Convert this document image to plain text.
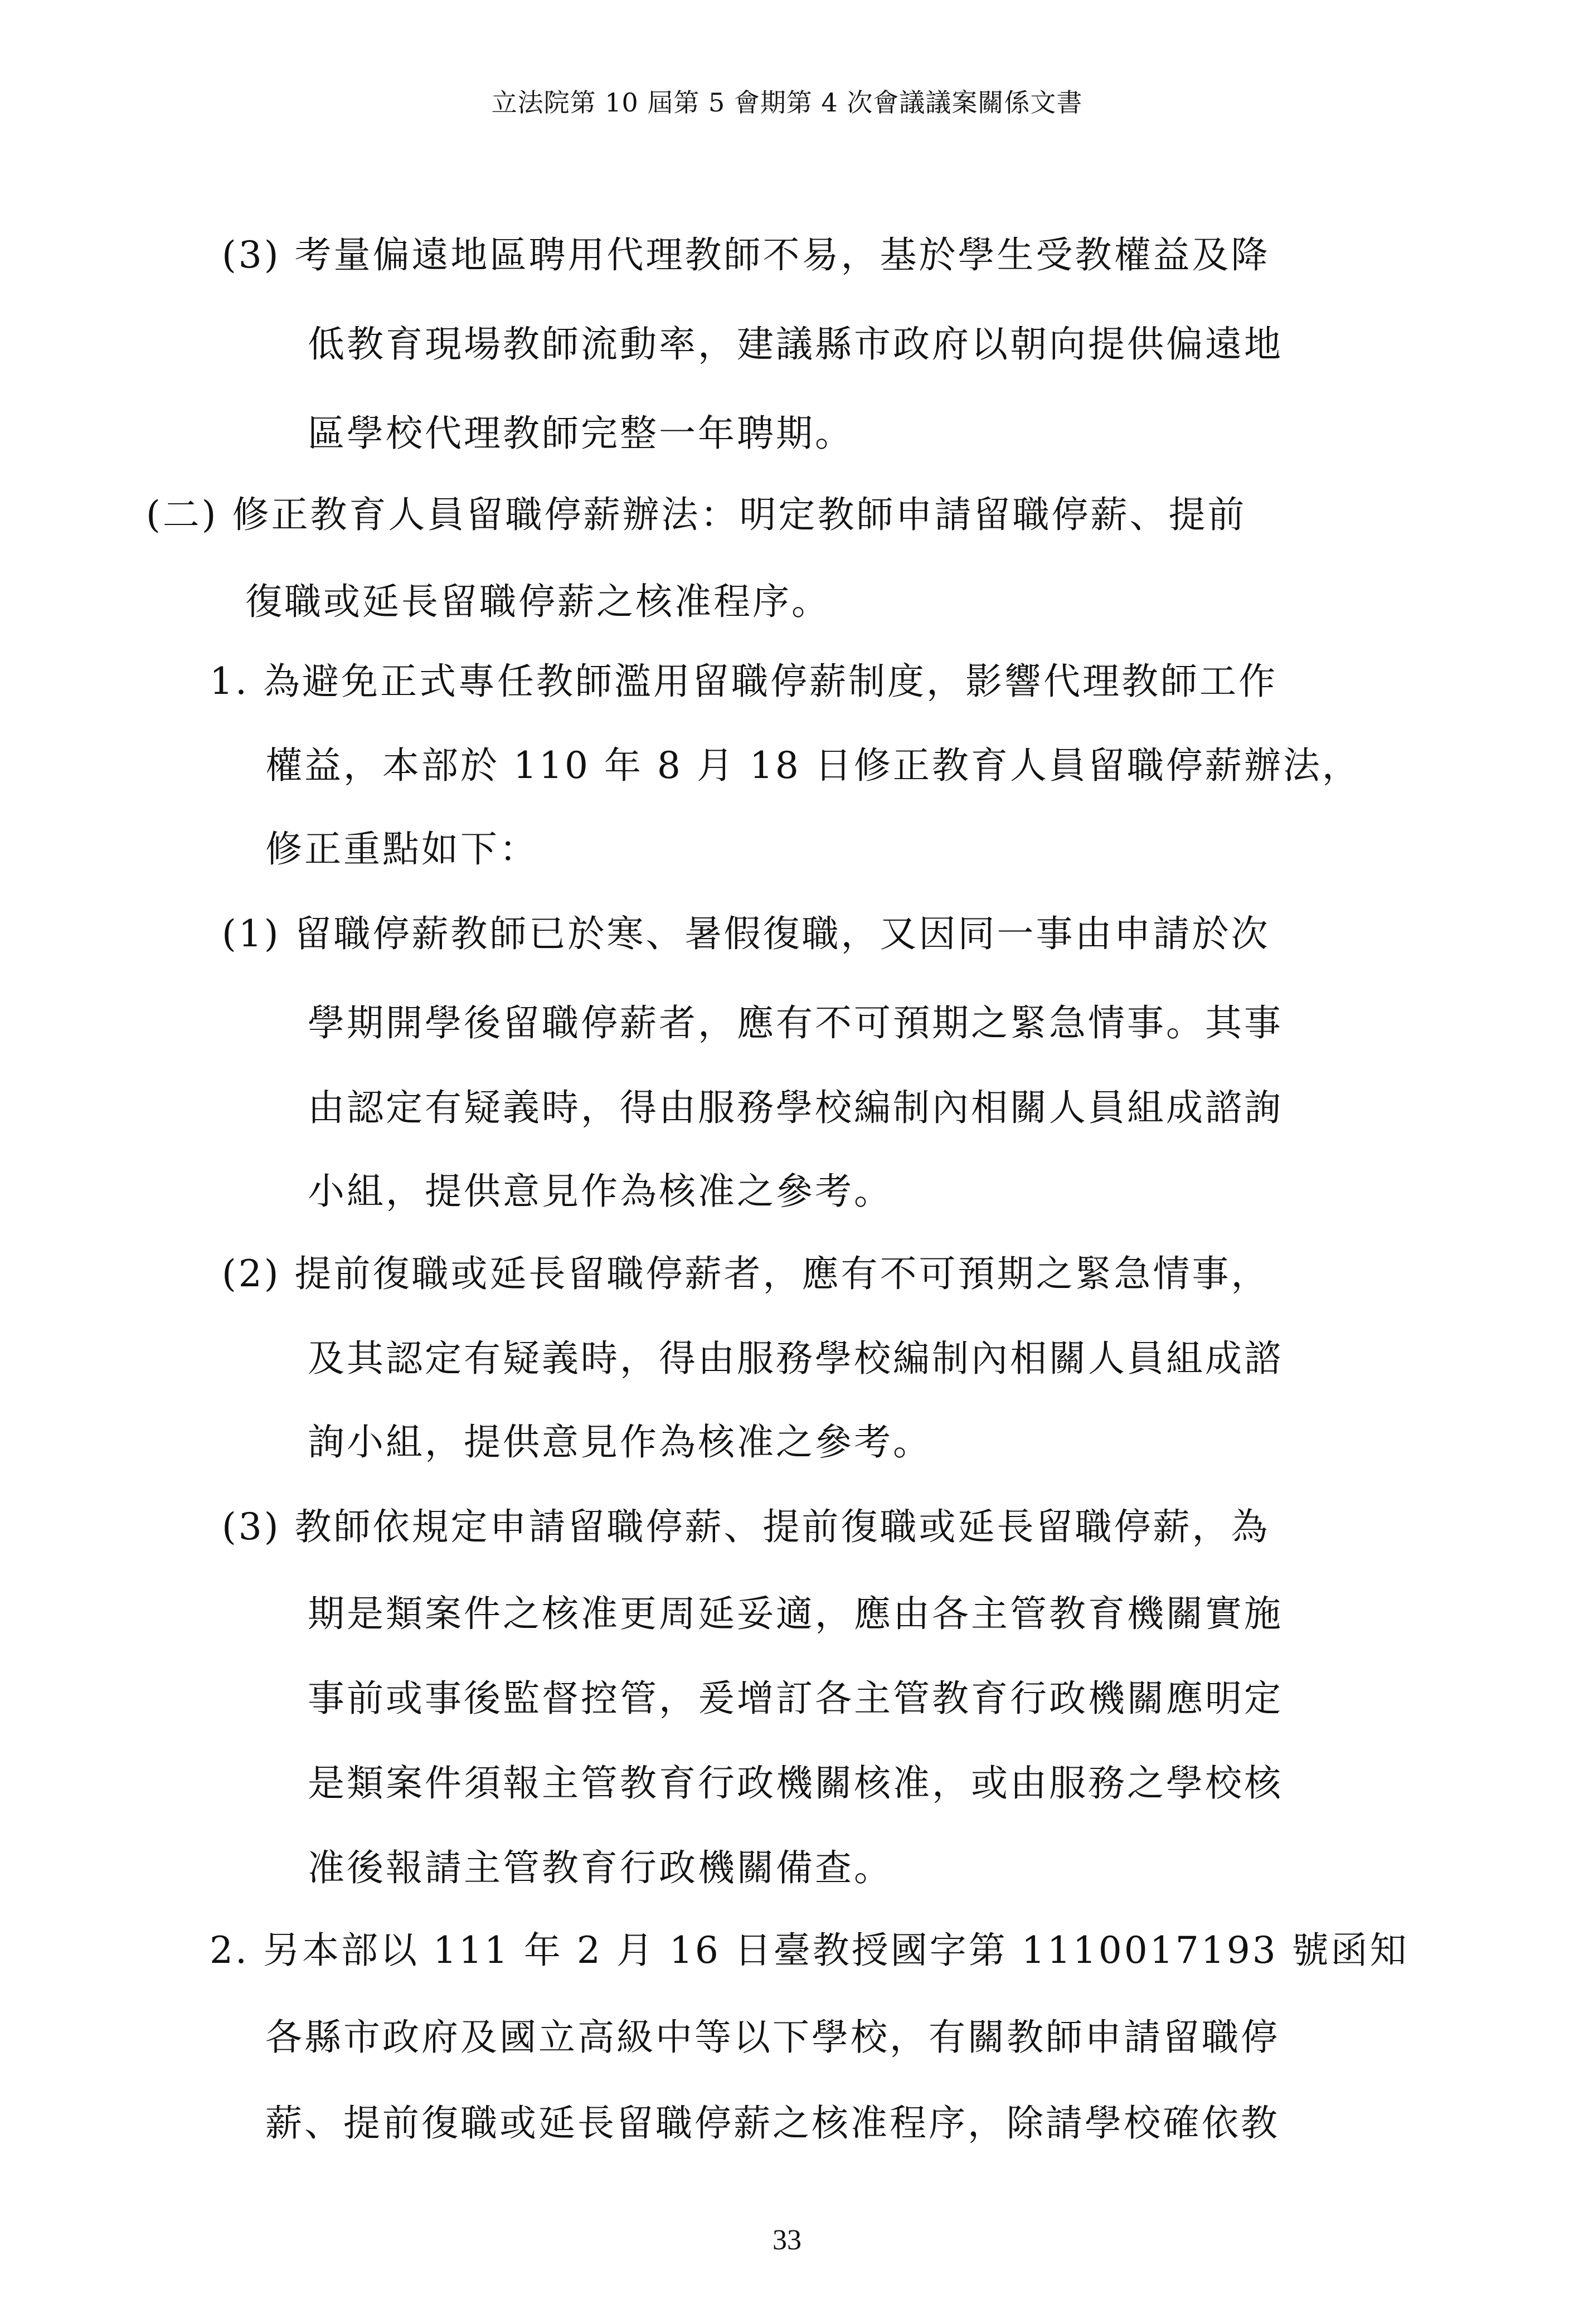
立法院第 10 屆第 5 會期第 4 次會議議案關係文書
(3) 考量偏遠地區聘用代理教師不易，基於學生受教權益及降
低教育現場教師流動率，建議縣市政府以朝向提供偏遠地
區學校代理教師完整一年聘期。
(二) 修正教育人員留職停薪辦法：明定教師申請留職停薪、提前
復職或延長留職停薪之核准程序。
1. 為避免正式專任教師濫用留職停薪制度，影響代理教師工作
權益，本部於 110 年 8 月 18 日修正教育人員留職停薪辦法，
修正重點如下：
(1) 留職停薪教師已於寒、暑假復職，又因同一事由申請於次
學期開學後留職停薪者，應有不可預期之緊急情事。其事
由認定有疑義時，得由服務學校編制內相關人員組成諮詢
小組，提供意見作為核准之參考。
(2) 提前復職或延長留職停薪者，應有不可預期之緊急情事，
及其認定有疑義時，得由服務學校編制內相關人員組成諮
詢小組，提供意見作為核准之參考。
(3) 教師依規定申請留職停薪、提前復職或延長留職停薪，為
期是類案件之核准更周延妥適，應由各主管教育機關實施
事前或事後監督控管，爰增訂各主管教育行政機關應明定
是類案件須報主管教育行政機關核准，或由服務之學校核
准後報請主管教育行政機關備查。
2. 另本部以 111 年 2 月 16 日臺教授國字第 1110017193 號函知
各縣市政府及國立高級中等以下學校，有關教師申請留職停
薪、提前復職或延長留職停薪之核准程序，除請學校確依教
33
